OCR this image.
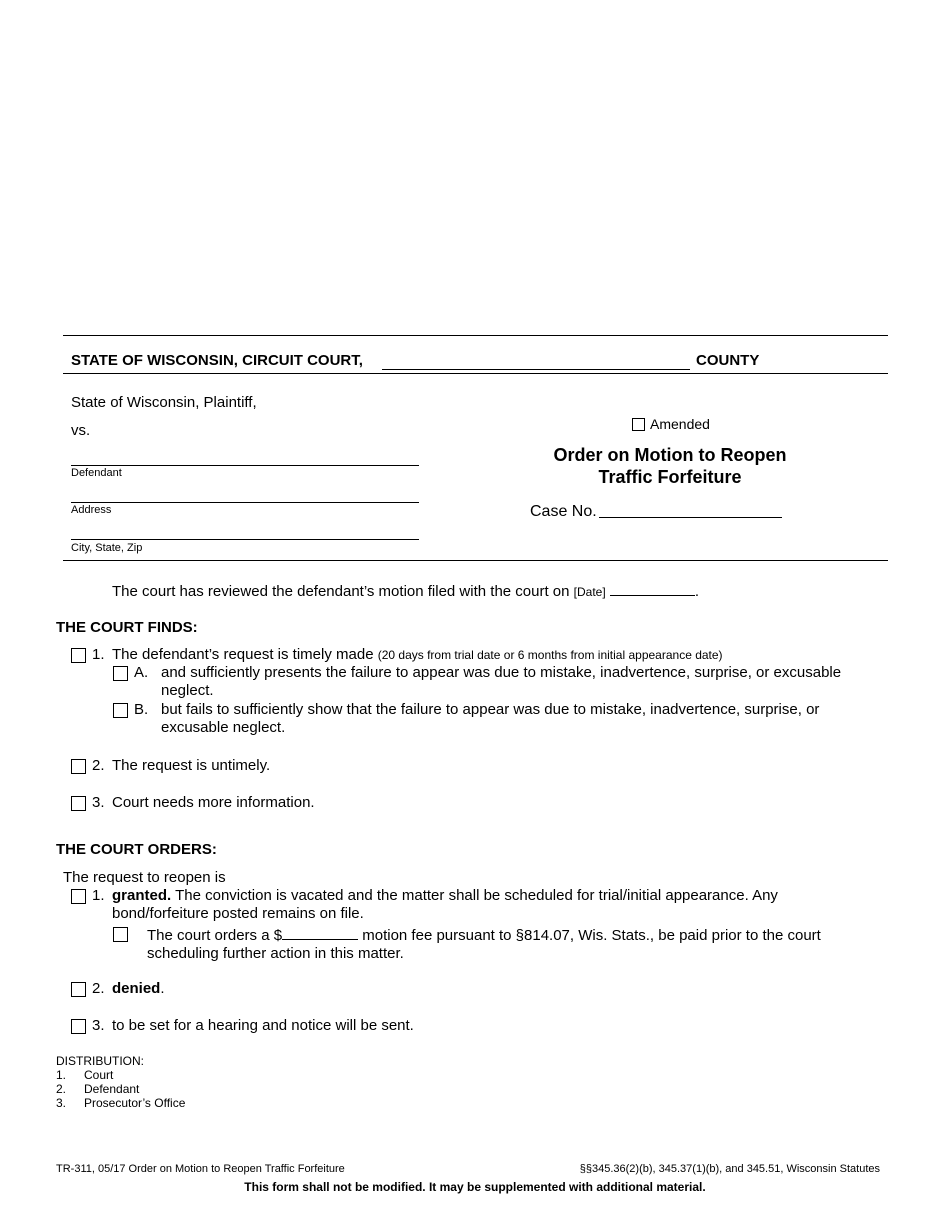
STATE OF WISCONSIN, CIRCUIT COURT,	COUNTY
State of Wisconsin, Plaintiff,
vs.
Defendant
Address
City, State, Zip
Amended
Order on Motion to Reopen
Traffic Forfeiture
Case No.
The court has reviewed the defendant’s motion filed with the court on [Date]	.
THE COURT FINDS:
1. The defendant’s request is timely made (20 days from trial date or 6 months from initial appearance date)
A. and sufficiently presents the failure to appear was due to mistake, inadvertence, surprise, or excusable
neglect.
B. but fails to sufficiently show that the failure to appear was due to mistake, inadvertence, surprise, or
excusable neglect.
2. The request is untimely.
3. Court needs more information.
THE COURT ORDERS:
The request to reopen is
1. granted. The conviction is vacated and the matter shall be scheduled for trial/initial appearance. Any
bond/forfeiture posted remains on file.
The court orders a $	motion fee pursuant to §814.07, Wis. Stats., be paid prior to the court
scheduling further action in this matter.
2. denied.
3. to be set for a hearing and notice will be sent.
DISTRIBUTION:
1. Court
2. Defendant
3. Prosecutor’s Office
TR-311, 05/17 Order on Motion to Reopen Traffic Forfeiture	§§345.36(2)(b), 345.37(1)(b), and 345.51, Wisconsin Statutes
This form shall not be modified. It may be supplemented with additional material.
